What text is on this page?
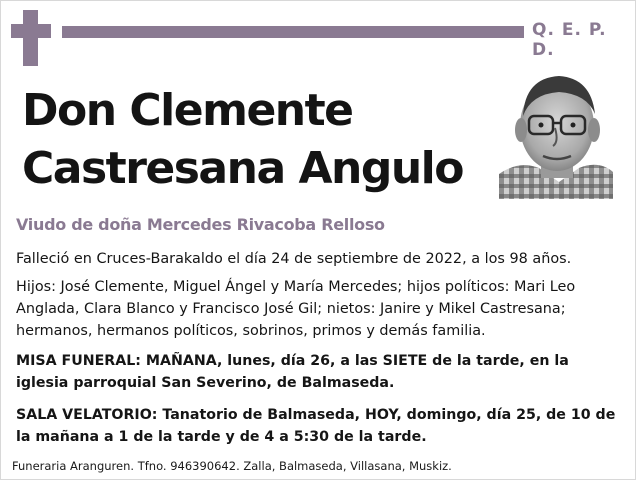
Q. E. P. D.
Don Clemente
Castresana Angulo
Viudo de doña Mercedes Rivacoba Relloso
Falleció en Cruces-Barakaldo el día 24 de septiembre de 2022, a los 98 años.
Hijos: José Clemente, Miguel Ángel y María Mercedes; hijos políticos: Mari Leo Anglada, Clara Blanco y Francisco José Gil; nietos: Janire y Mikel Castresana; hermanos, hermanos políticos, sobrinos, primos y demás familia.
MISA FUNERAL: MAÑANA, lunes, día 26, a las SIETE de la tarde, en la iglesia parroquial San Severino, de Balmaseda.
SALA VELATORIO: Tanatorio de Balmaseda, HOY, domingo, día 25, de 10 de la mañana a 1 de la tarde y de 4 a 5:30 de la tarde.
Funeraria Aranguren. Tfno. 946390642. Zalla, Balmaseda, Villasana, Muskiz.
